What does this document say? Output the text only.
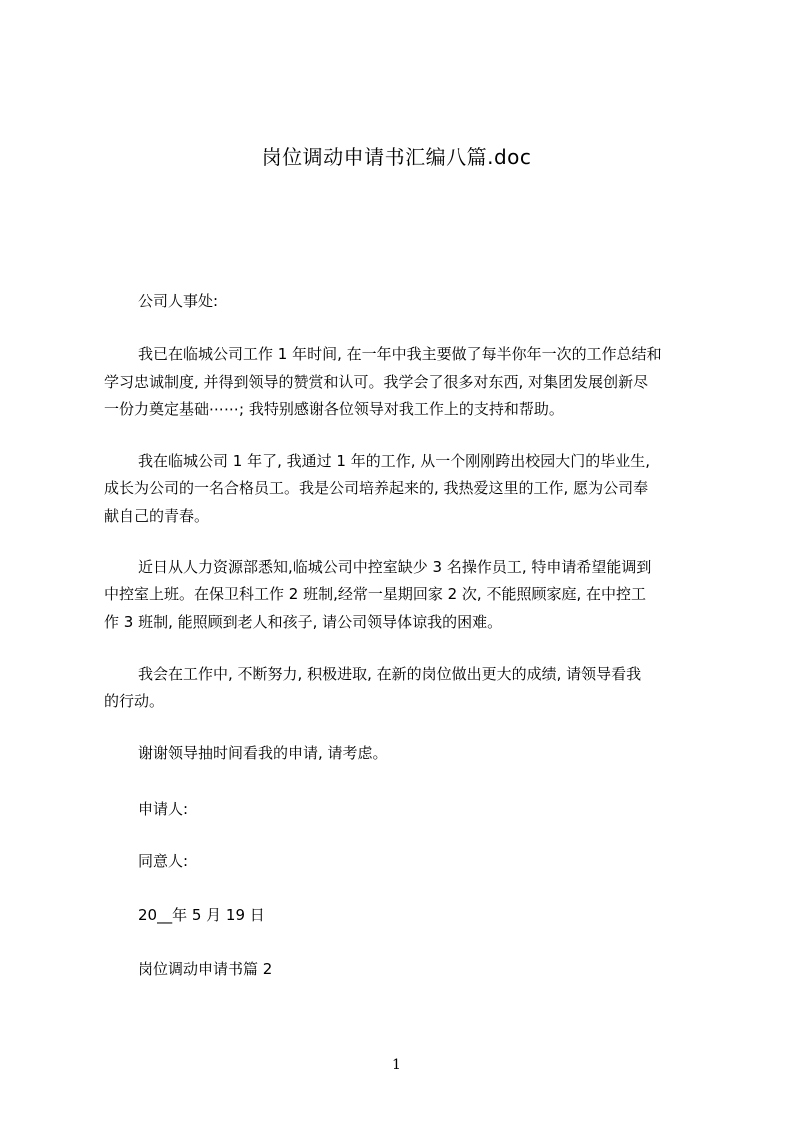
岗位调动申请书汇编八篇.doc
公司人事处:
我已在临城公司工作 1 年时间, 在一年中我主要做了每半你年一次的工作总结和
学习忠诚制度, 并得到领导的赞赏和认可。我学会了很多对东西, 对集团发展创新尽
一份力奠定基础⋯⋯; 我特别感谢各位领导对我工作上的支持和帮助。
我在临城公司 1 年了, 我通过 1 年的工作, 从一个刚刚跨出校园大门的毕业生,
成长为公司的一名合格员工。我是公司培养起来的, 我热爱这里的工作, 愿为公司奉
献自己的青春。
近日从人力资源部悉知,临城公司中控室缺少 3 名操作员工, 特申请希望能调到
中控室上班。在保卫科工作 2 班制,经常一星期回家 2 次, 不能照顾家庭, 在中控工
作 3 班制, 能照顾到老人和孩子, 请公司领导体谅我的困难。
我会在工作中, 不断努力, 积极进取, 在新的岗位做出更大的成绩, 请领导看我
的行动。
谢谢领导抽时间看我的申请, 请考虑。
申请人:
同意人:
20__年 5 月 19 日
岗位调动申请书篇 2
1
